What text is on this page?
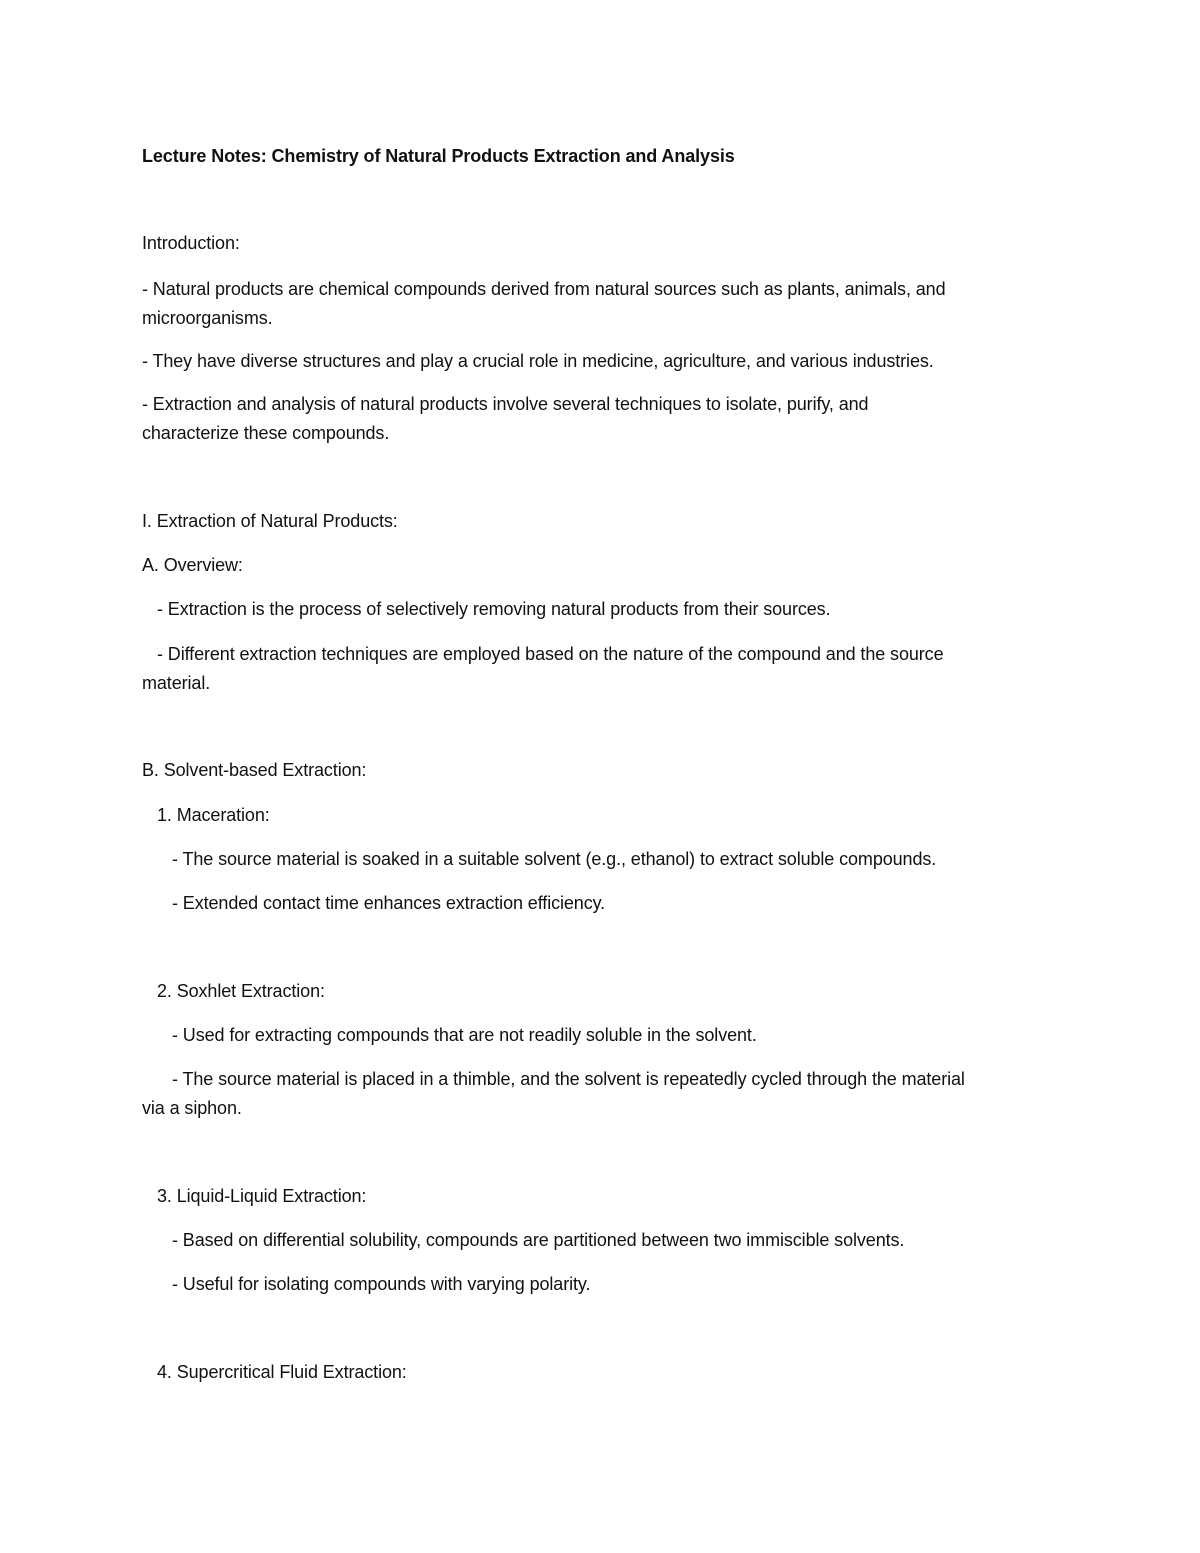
Lecture Notes: Chemistry of Natural Products Extraction and Analysis
Introduction:
- Natural products are chemical compounds derived from natural sources such as plants, animals, and
microorganisms.
- They have diverse structures and play a crucial role in medicine, agriculture, and various industries.
- Extraction and analysis of natural products involve several techniques to isolate, purify, and
characterize these compounds.
I. Extraction of Natural Products:
A. Overview:
- Extraction is the process of selectively removing natural products from their sources.
- Different extraction techniques are employed based on the nature of the compound and the source
material.
B. Solvent-based Extraction:
1. Maceration:
- The source material is soaked in a suitable solvent (e.g., ethanol) to extract soluble compounds.
- Extended contact time enhances extraction efficiency.
2. Soxhlet Extraction:
- Used for extracting compounds that are not readily soluble in the solvent.
- The source material is placed in a thimble, and the solvent is repeatedly cycled through the material
via a siphon.
3. Liquid-Liquid Extraction:
- Based on differential solubility, compounds are partitioned between two immiscible solvents.
- Useful for isolating compounds with varying polarity.
4. Supercritical Fluid Extraction:
